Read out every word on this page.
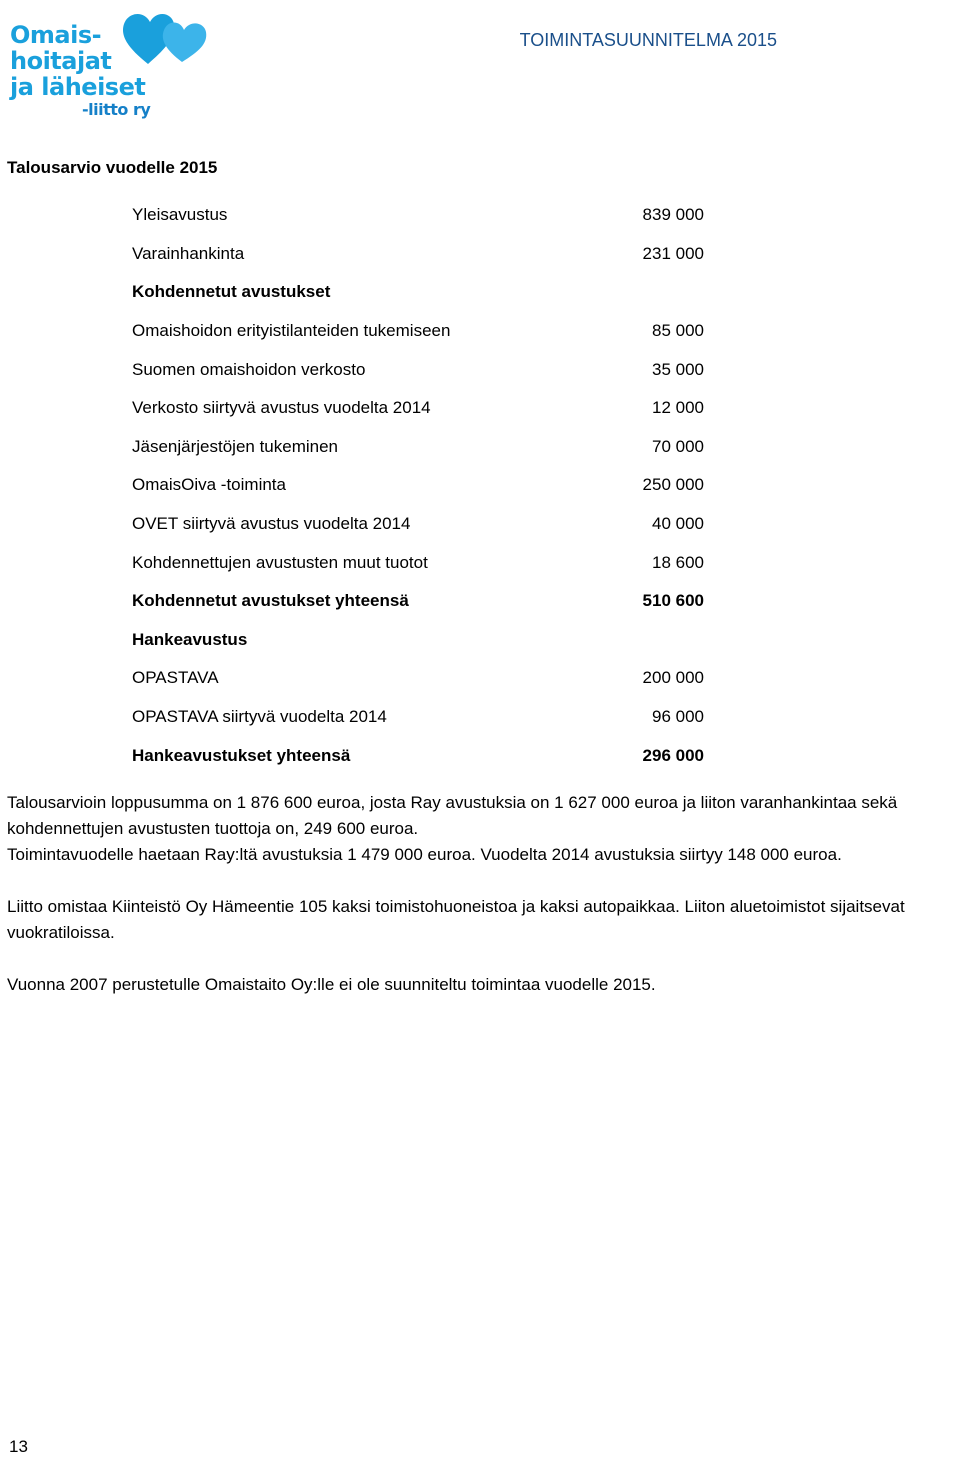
Omais-
hoitajat
ja läheiset
-liitto ry
TOIMINTASUUNNITELMA 2015
Talousarvio vuodelle 2015
Yleisavustus	839 000
Varainhankinta	231 000
Kohdennetut avustukset
Omaishoidon erityistilanteiden tukemiseen	85 000
Suomen omaishoidon verkosto	35 000
Verkosto siirtyvä avustus vuodelta 2014	12 000
Jäsenjärjestöjen tukeminen	70 000
OmaisOiva -toiminta	250 000
OVET siirtyvä avustus vuodelta 2014	40 000
Kohdennettujen avustusten muut tuotot	18 600
Kohdennetut avustukset yhteensä	510 600
Hankeavustus
OPASTAVA	200 000
OPASTAVA siirtyvä vuodelta 2014	96 000
Hankeavustukset yhteensä	296 000

Talousarvioin loppusumma on 1 876 600 euroa, josta Ray avustuksia on 1 627 000 euroa ja liiton varanhankintaa sekä kohdennettujen avustusten tuottoja on, 249 600 euroa.

Toimintavuodelle haetaan Ray:ltä avustuksia 1 479 000 euroa. Vuodelta 2014 avustuksia siirtyy 148 000 euroa.

Liitto omistaa Kiinteistö Oy Hämeentie 105 kaksi toimistohuoneistoa ja kaksi autopaikkaa. Liiton aluetoimistot sijaitsevat vuokratiloissa.

Vuonna 2007 perustetulle Omaistaito Oy:lle ei ole suunniteltu toimintaa vuodelle 2015.

13
